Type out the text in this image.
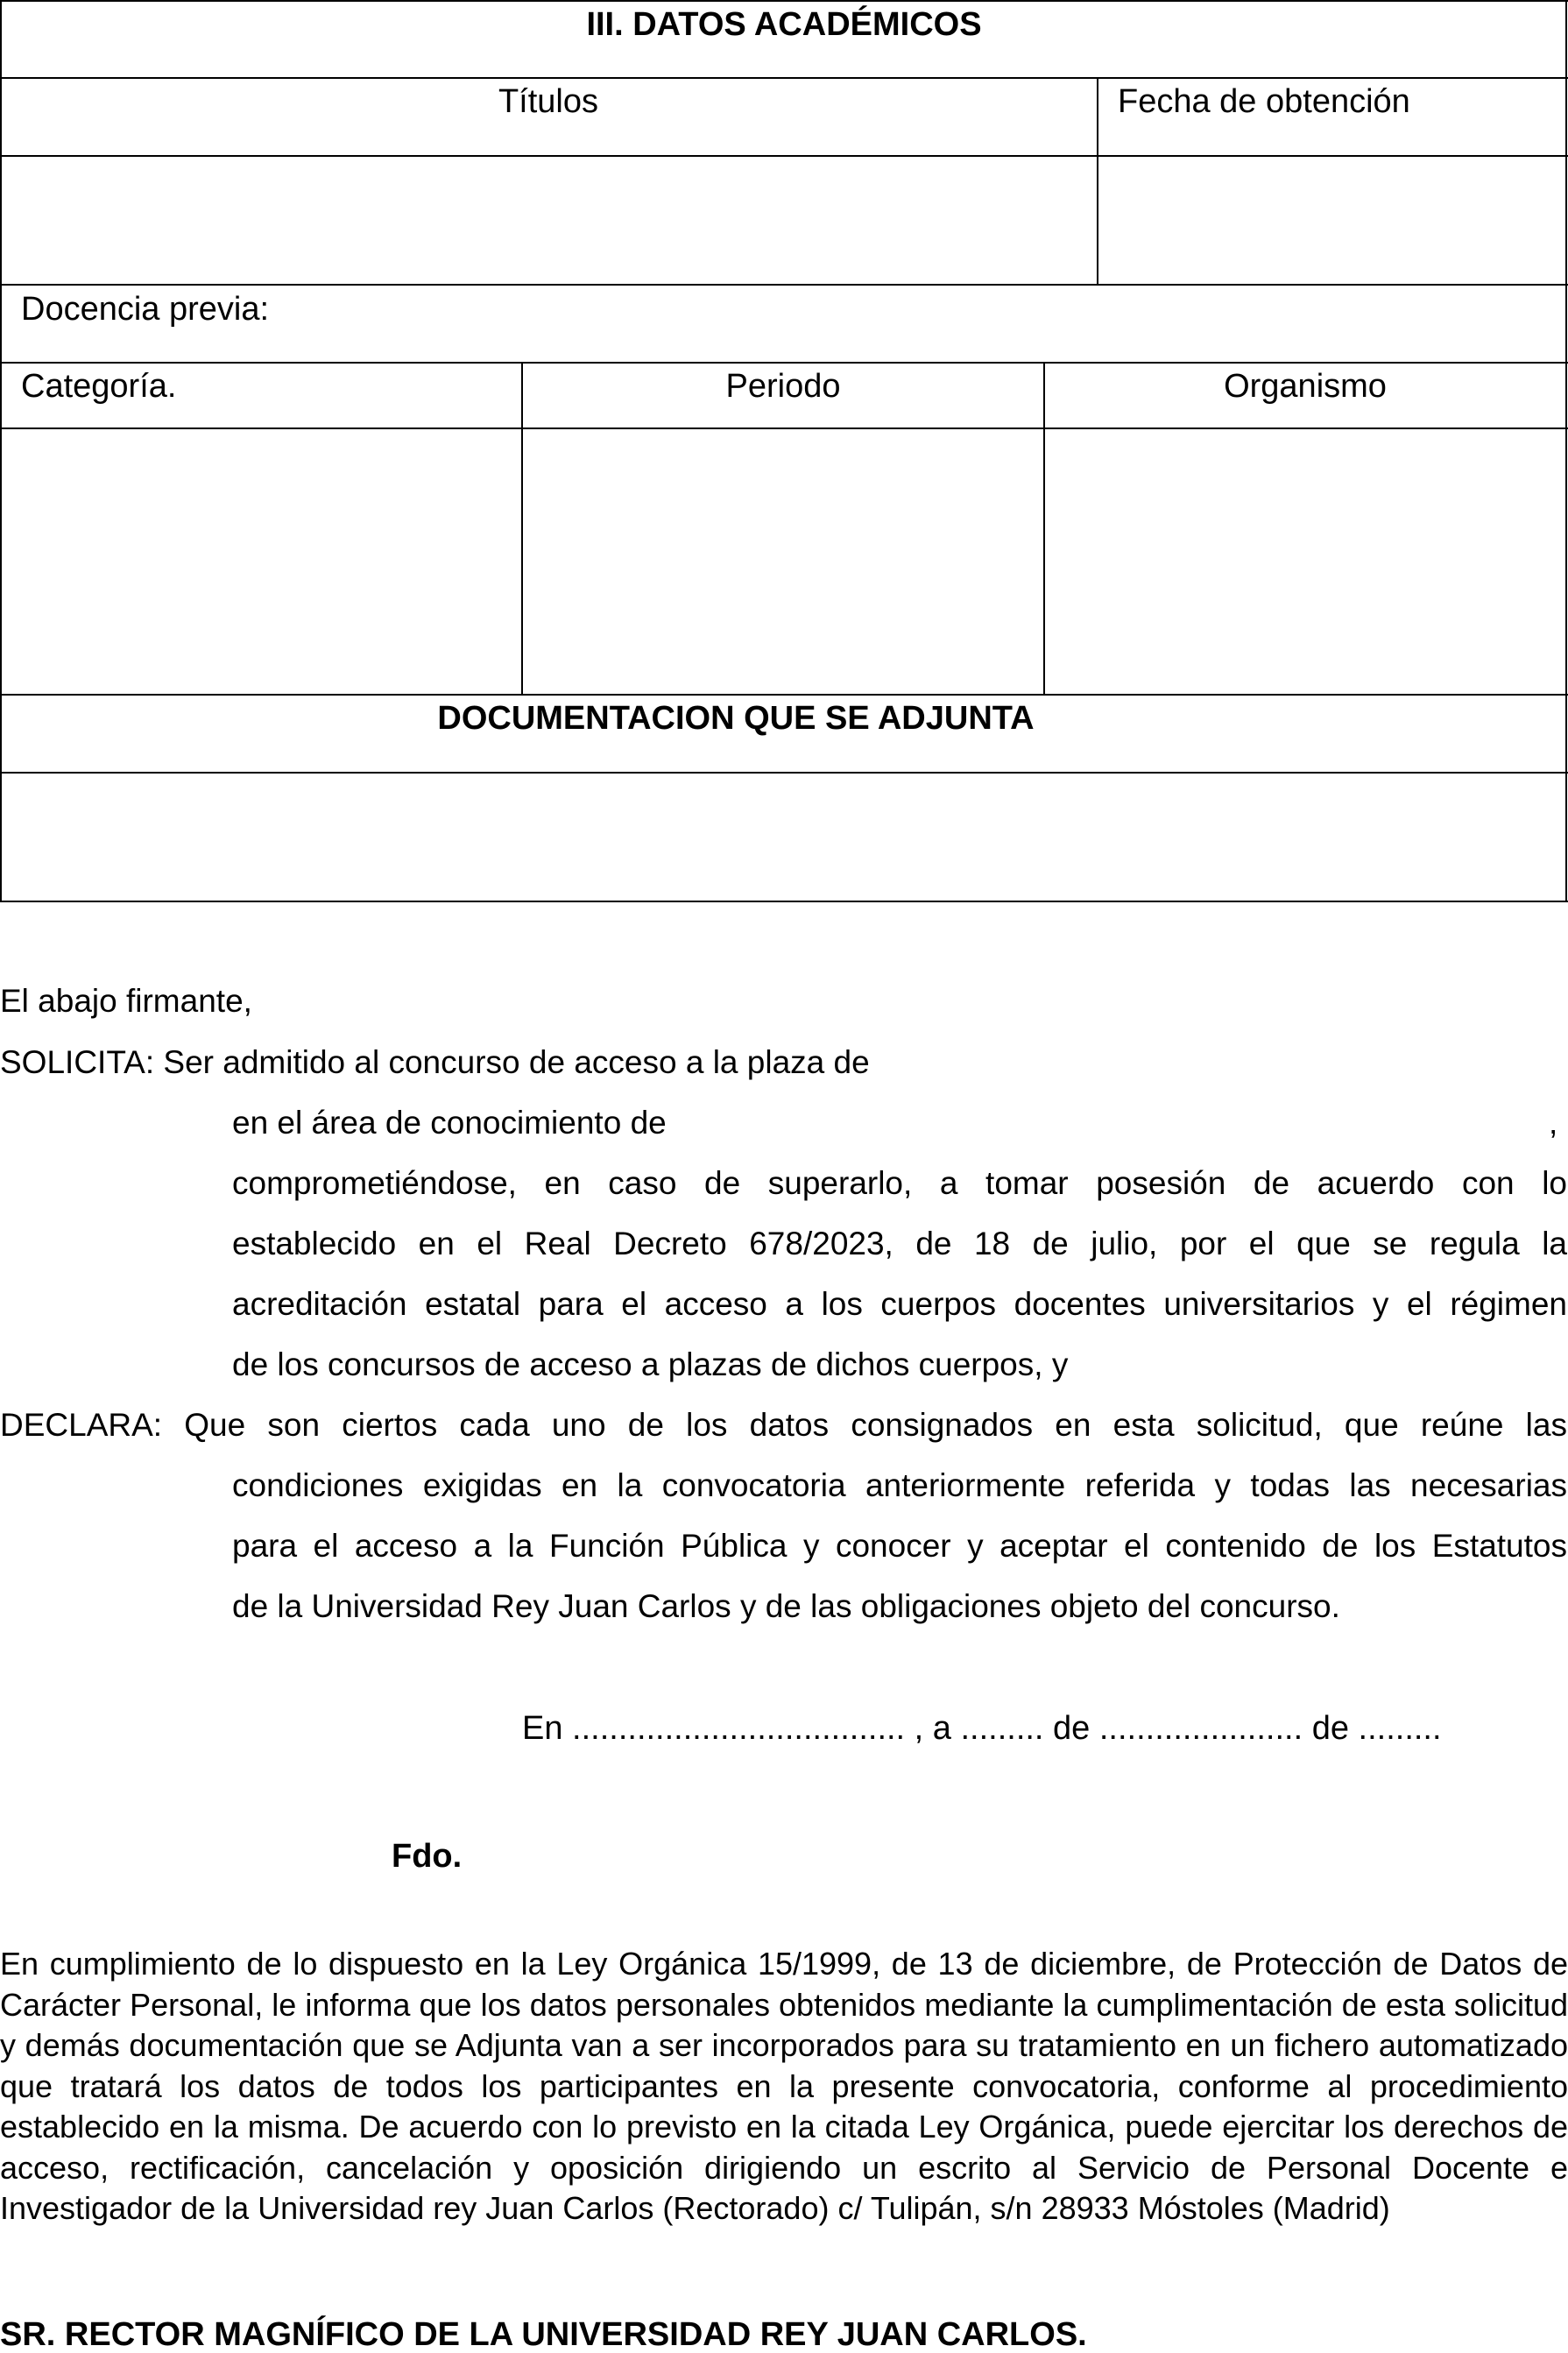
III. DATOS ACADÉMICOS
Títulos	Fecha de obtención
Docencia previa:
Categoría.	Periodo	Organismo
DOCUMENTACION QUE SE ADJUNTA
El abajo firmante,
SOLICITA: Ser admitido al concurso de acceso a la plaza de
en el área de conocimiento de	,
comprometiéndose, en caso de superarlo, a tomar posesión de acuerdo con lo
establecido en el Real Decreto 678/2023, de 18 de julio, por el que se regula la
acreditación estatal para el acceso a los cuerpos docentes universitarios y el régimen
de los concursos de acceso a plazas de dichos cuerpos, y
DECLARA: Que son ciertos cada uno de los datos consignados en esta solicitud, que reúne las
condiciones exigidas en la convocatoria anteriormente referida y todas las necesarias
para el acceso a la Función Pública y conocer y aceptar el contenido de los Estatutos
de la Universidad Rey Juan Carlos y de las obligaciones objeto del concurso.
En .................................... , a ......... de ...................... de .........
Fdo.
En cumplimiento de lo dispuesto en la Ley Orgánica 15/1999, de 13 de diciembre, de Protección de Datos de Carácter Personal, le informa que los datos personales obtenidos mediante la cumplimentación de esta solicitud y demás documentación que se Adjunta van a ser incorporados para su tratamiento en un fichero automatizado que tratará los datos de todos los participantes en la presente convocatoria, conforme al procedimiento establecido en la misma. De acuerdo con lo previsto en la citada Ley Orgánica, puede ejercitar los derechos de acceso, rectificación, cancelación y oposición dirigiendo un escrito al Servicio de Personal Docente e Investigador de la Universidad rey Juan Carlos (Rectorado) c/ Tulipán, s/n 28933 Móstoles (Madrid)
SR. RECTOR MAGNÍFICO DE LA UNIVERSIDAD REY JUAN CARLOS.
